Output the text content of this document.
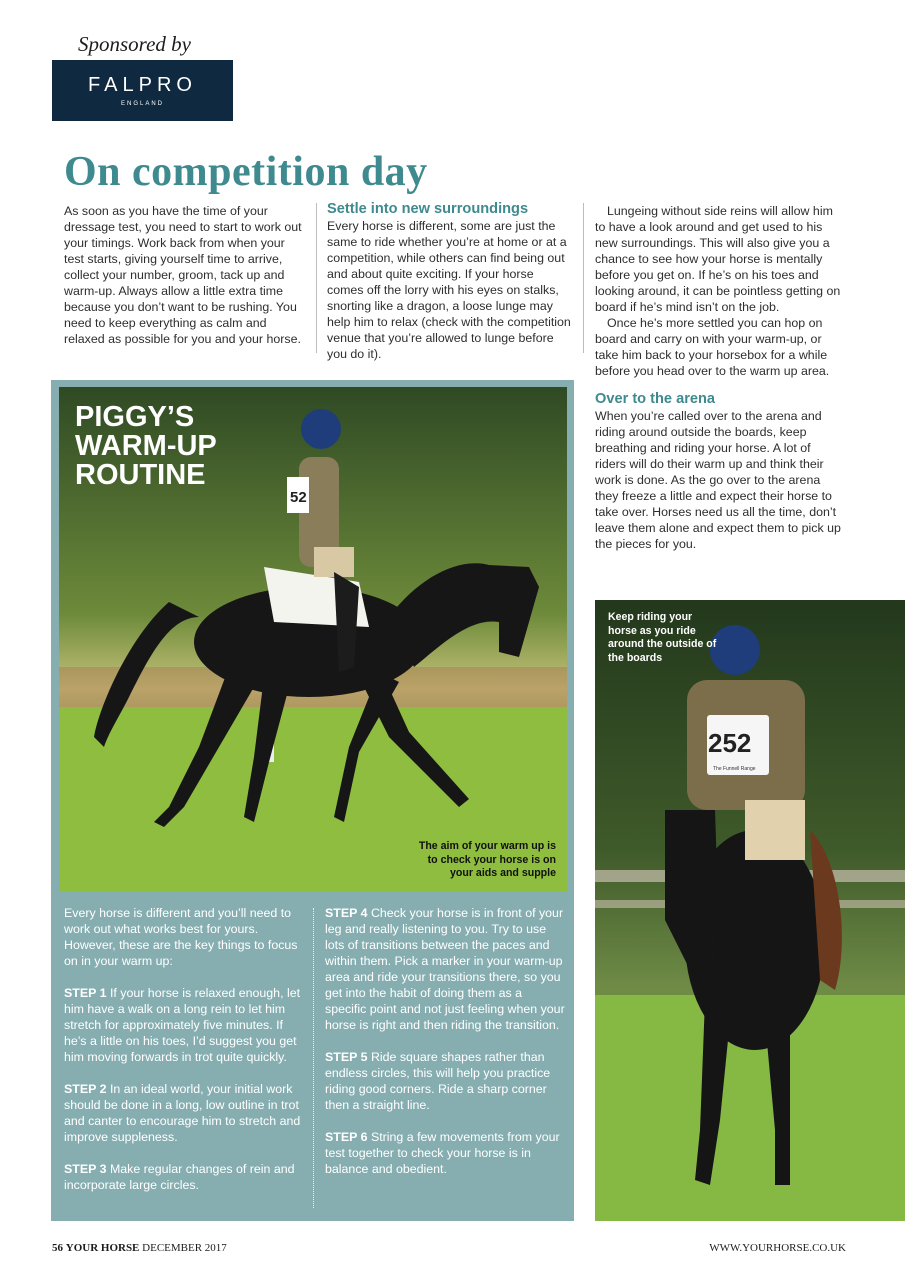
Sponsored by
FALPRO
ENGLAND
On competition day

As soon as you have the time of your dressage test, you need to start to work out your timings. Work back from when your test starts, giving yourself time to arrive, collect your number, groom, tack up and warm-up. Always allow a little extra time because you don’t want to be rushing. You need to keep everything as calm and relaxed as possible for you and your horse.

Settle into new surroundings

Every horse is different, some are just the same to ride whether you’re at home or at a competition, while others can find being out and about quite exciting. If your horse comes off the lorry with his eyes on stalks, snorting like a dragon, a loose lunge may help him to relax (check with the competition venue that you’re allowed to lunge before you do it).

Lungeing without side reins will allow him to have a look around and get used to his new surroundings. This will also give you a chance to see how your horse is mentally before you get on. If he’s on his toes and looking around, it can be pointless getting on board if he’s mind isn’t on the job.

Once he’s more settled you can hop on board and carry on with your warm-up, or take him back to your horsebox for a while before you head over to the warm up area.

Over to the arena

When you’re called over to the arena and riding around outside the boards, keep breathing and riding your horse. A lot of riders will do their warm up and think their work is done. As the go over to the arena they freeze a little and expect their horse to take over. Horses need us all the time, don’t leave them alone and expect them to pick up the pieces for you.

52
PIGGY’S WARM-UP ROUTINE
The aim of your warm up is to check your horse is on your aids and supple

Every horse is different and you’ll need to work out what works best for yours. However, these are the key things to focus on in your warm up:

STEP 1 If your horse is relaxed enough, let him have a walk on a long rein to let him stretch for approximately five minutes. If he’s a little on his toes, I’d suggest you get him moving forwards in trot quite quickly.

STEP 2 In an ideal world, your initial work should be done in a long, low outline in trot and canter to encourage him to stretch and improve suppleness.

STEP 3 Make regular changes of rein and incorporate large circles.

STEP 4 Check your horse is in front of your leg and really listening to you. Try to use lots of transitions between the paces and within them. Pick a marker in your warm-up area and ride your transitions there, so you get into the habit of doing them as a specific point and not just feeling when your horse is right and then riding the transition.

STEP 5 Ride square shapes rather than endless circles, this will help you practice riding good corners. Ride a sharp corner then a straight line.

STEP 6 String a few movements from your test together to check your horse is in balance and obedient.

252
The Funnell Range
Keep riding your horse as you ride around the outside of the boards
56 YOUR HORSE DECEMBER 2017	WWW.YOURHORSE.CO.UK
